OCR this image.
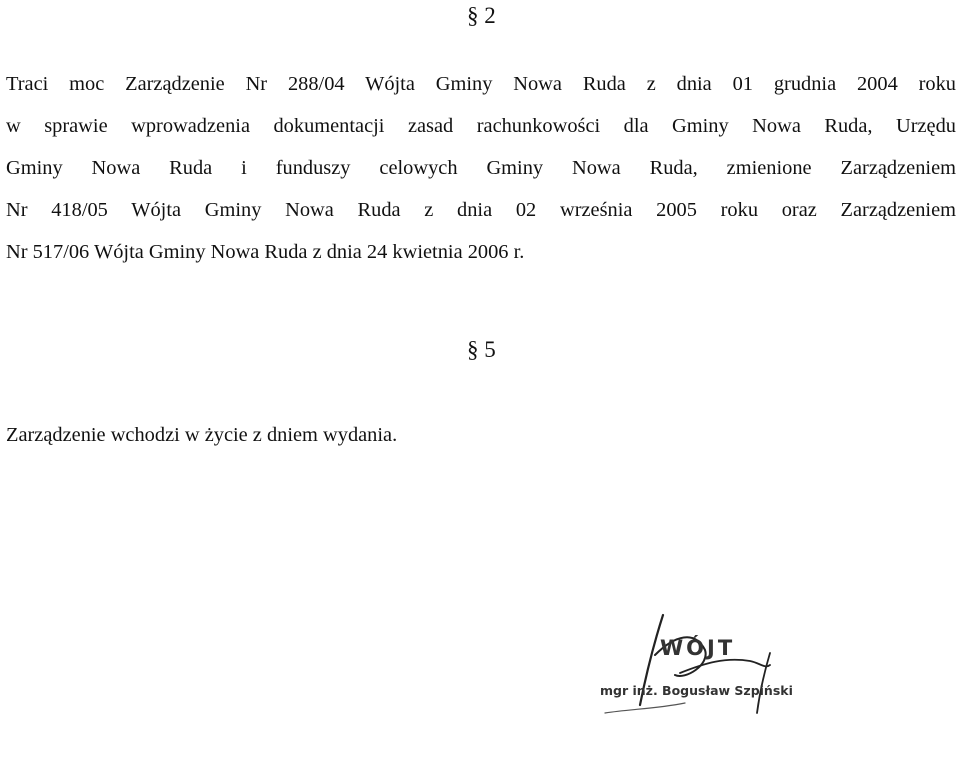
§ 2

Traci moc Zarządzenie Nr 288/04 Wójta Gminy Nowa Ruda z dnia 01 grudnia 2004 roku
w sprawie wprowadzenia dokumentacji zasad rachunkowości dla Gminy Nowa Ruda, Urzędu
Gminy Nowa Ruda i funduszy celowych Gminy Nowa Ruda, zmienione Zarządzeniem
Nr 418/05 Wójta Gminy Nowa Ruda z dnia 02 września 2005 roku oraz Zarządzeniem
Nr 517/06 Wójta Gminy Nowa Ruda z dnia 24 kwietnia 2006 r.

§ 5

Zarządzenie wchodzi w życie z dniem wydania.

WÓJT
mgr inż. Bogusław Szpiński
